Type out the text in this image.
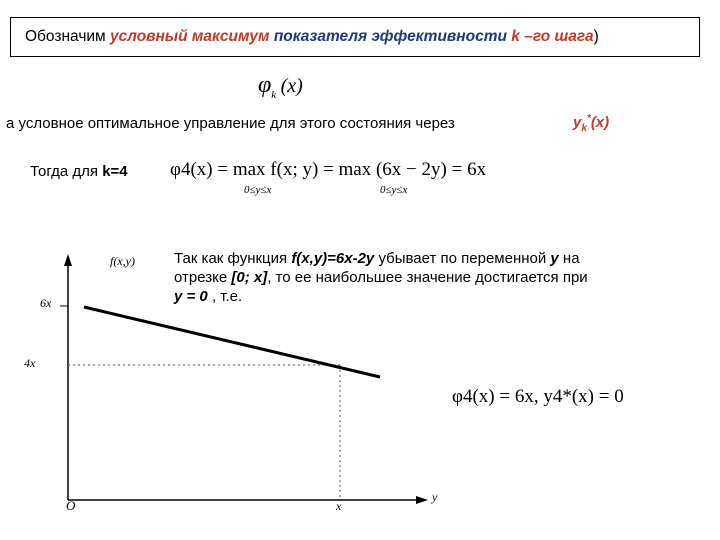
Обозначим условный максимум показателя эффективности k –го шага)
$\varphi_k$ (x)
а условное оптимальное управление для этого состояния через	$y_k^*(x)$
Тогда для k=4 φ4(x) = max f(x; y) = max (6x − 2y) = 6x
0≤y≤x	0≤y≤x
Так как функция f(x,y)=6x-2y убывает по переменной y на
отрезке [0; x], то ее наибольшее значение достигается при
y = 0 , т.е.
φ4(x) = 6x, y4*(x) = 0
f(x,y)
6x
4x
O	x
y
